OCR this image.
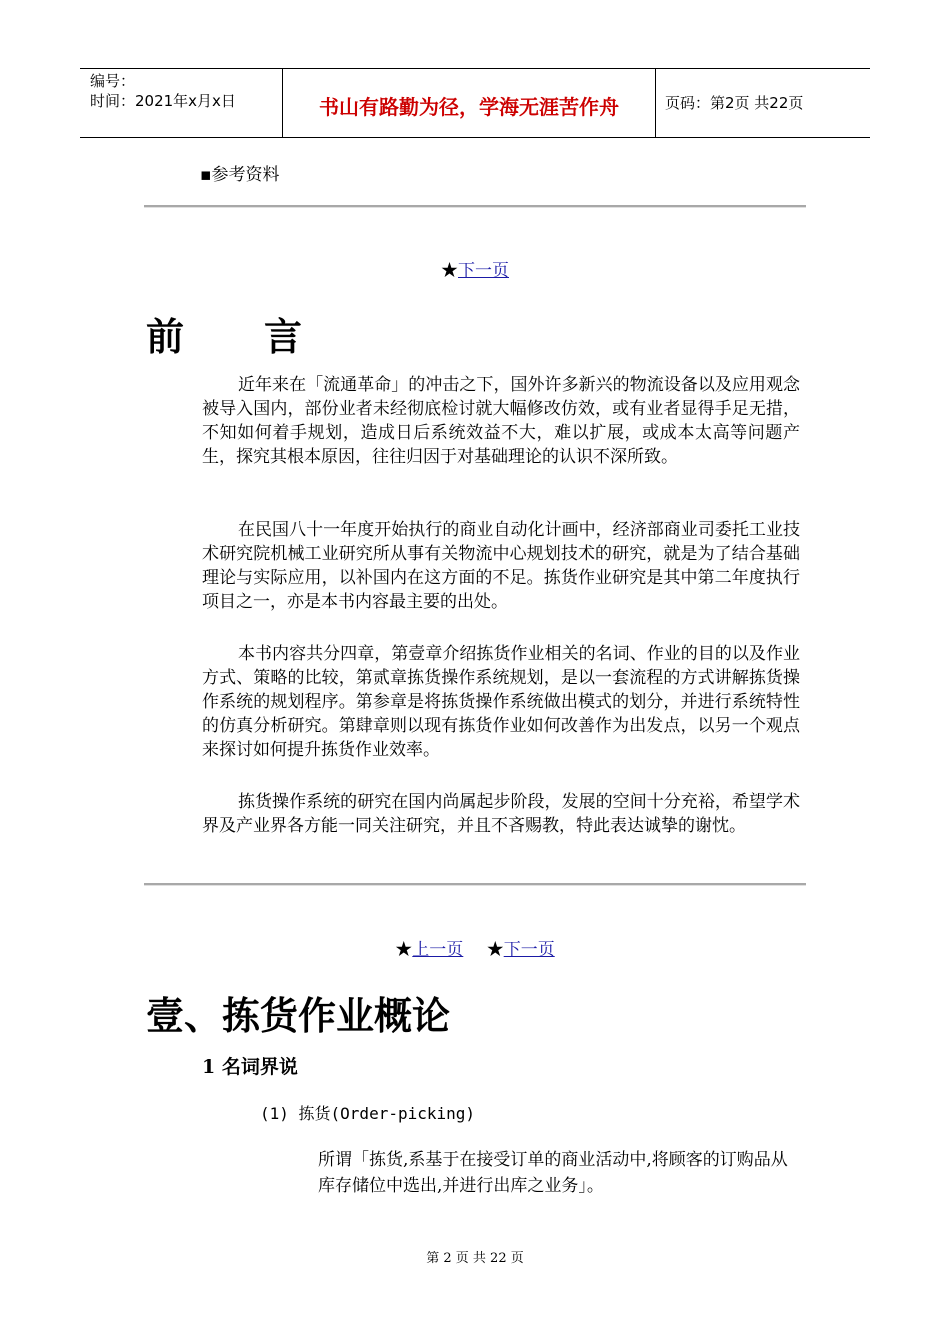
编号：
时间：2021年x月x日	书山有路勤为径，学海无涯苦作舟	页码：第2页 共22页
▪参考资料
★下一页
前言

近年来在「流通革命」的冲击之下，国外许多新兴的物流设备以及应用观念被导入国内，部份业者未经彻底检讨就大幅修改仿效，或有业者显得手足无措，不知如何着手规划，造成日后系统效益不大，难以扩展，或成本太高等问题产生，探究其根本原因，往往归因于对基础理论的认识不深所致。

在民国八十一年度开始执行的商业自动化计画中，经济部商业司委托工业技术研究院机械工业研究所从事有关物流中心规划技术的研究，就是为了结合基础理论与实际应用，以补国内在这方面的不足。拣货作业研究是其中第二年度执行项目之一，亦是本书内容最主要的出处。

本书内容共分四章，第壹章介绍拣货作业相关的名词、作业的目的以及作业方式、策略的比较，第贰章拣货操作系统规划，是以一套流程的方式讲解拣货操作系统的规划程序。第参章是将拣货操作系统做出模式的划分，并进行系统特性的仿真分析研究。第肆章则以现有拣货作业如何改善作为出发点，以另一个观点来探讨如何提升拣货作业效率。

拣货操作系统的研究在国内尚属起步阶段，发展的空间十分充裕，希望学术界及产业界各方能一同关注研究，并且不吝赐教，特此表达诚挚的谢忱。

★上一页 ★下一页
壹、拣货作业概论
1 名词界说
(1) 拣货(Order-picking)

所谓「拣货,系基于在接受订单的商业活动中,将顾客的订购品从库存储位中选出,并进行出库之业务」。

第 2 页 共 22 页
